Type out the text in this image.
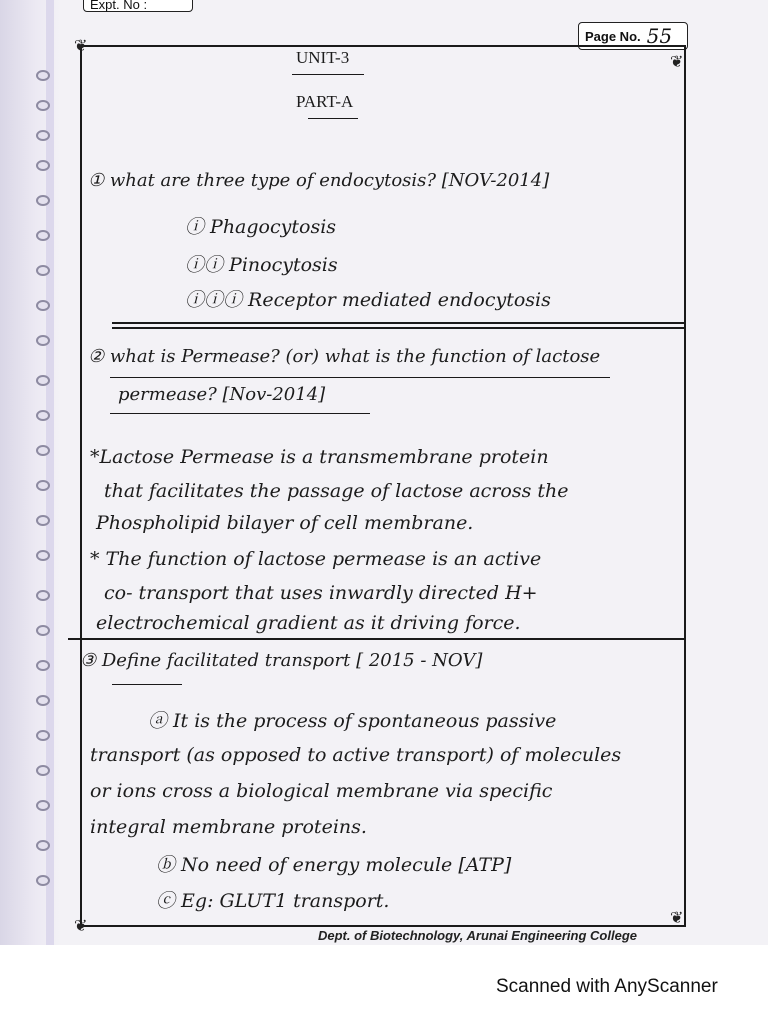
Expt. No :
Page No. 55
❦
❦
❦	❦
UNIT-3
PART-A
① what are three type of endocytosis? [NOV-2014]
ⓘ Phagocytosis
ⓘⓘ Pinocytosis
ⓘⓘⓘ Receptor mediated endocytosis
② what is Permease? (or) what is the function of lactose
permease? [Nov-2014]
*Lactose Permease is a transmembrane protein
that facilitates the passage of lactose across the
Phospholipid bilayer of cell membrane.
* The function of lactose permease is an active
co- transport that uses inwardly directed H+
electrochemical gradient as it driving force.
③ Define facilitated transport [ 2015 - NOV]
ⓐ It is the process of spontaneous passive
transport (as opposed to active transport) of molecules
or ions cross a biological membrane via specific
integral membrane proteins.
ⓑ No need of energy molecule [ATP]
ⓒ Eg: GLUT1 transport.
Dept. of Biotechnology, Arunai Engineering College
Scanned with AnyScanner
